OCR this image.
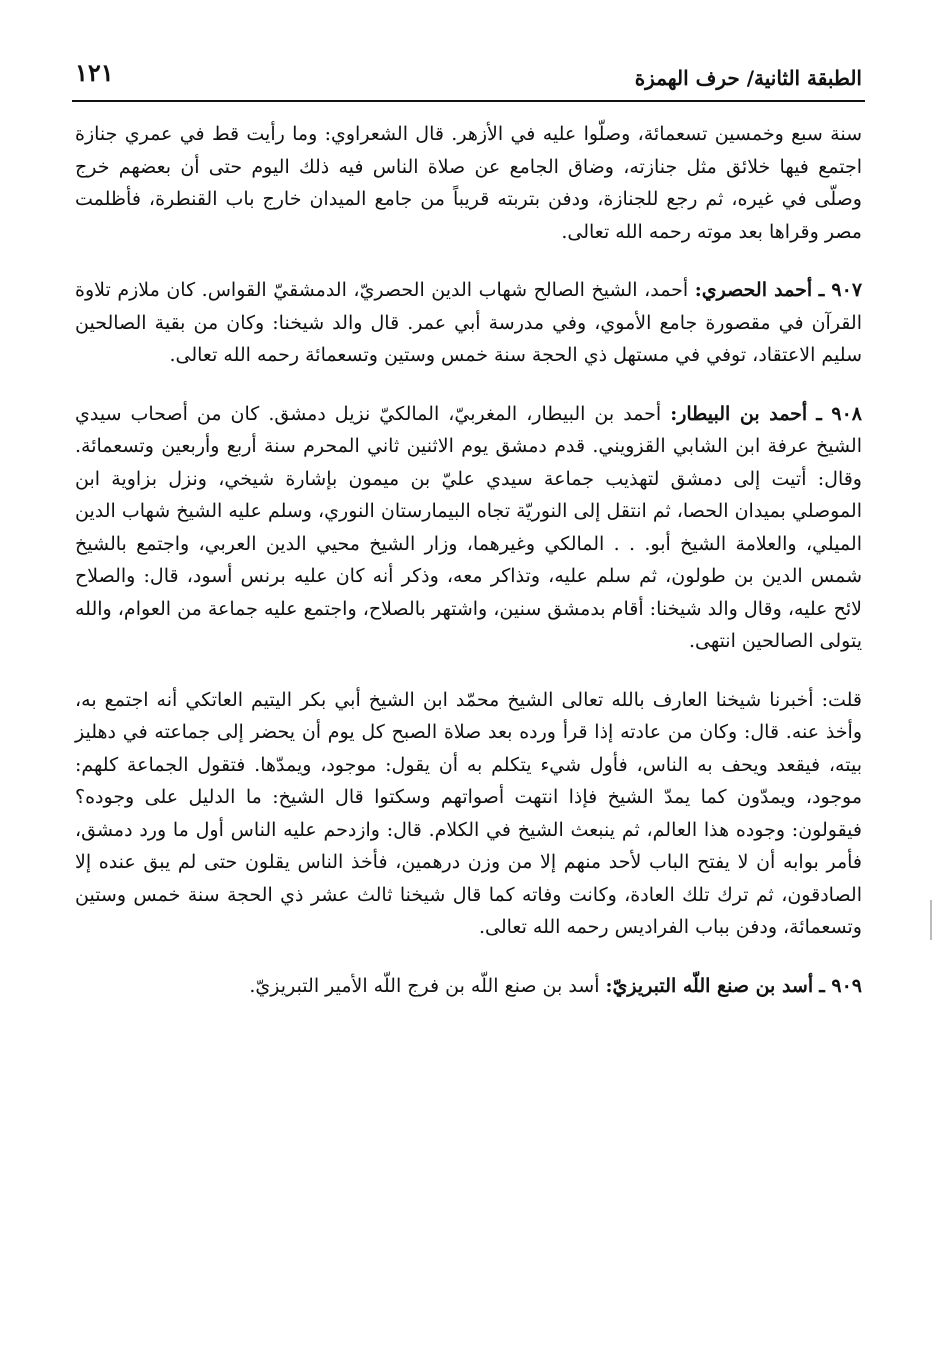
الطبقة الثانية/ حرف الهمزة
١٢١

سنة سبع وخمسين تسعمائة، وصلّوا عليه في الأزهر. قال الشعراوي: وما رأيت قط في عمري جنازة اجتمع فيها خلائق مثل جنازته، وضاق الجامع عن صلاة الناس فيه ذلك اليوم حتى أن بعضهم خرج وصلّى في غيره، ثم رجع للجنازة، ودفن بتربته قريباً من جامع الميدان خارج باب القنطرة، فأظلمت مصر وقراها بعد موته رحمه الله تعالى.

٩٠٧ ـ أحمد الحصري: أحمد، الشيخ الصالح شهاب الدين الحصريّ، الدمشقيّ القواس. كان ملازم تلاوة القرآن في مقصورة جامع الأموي، وفي مدرسة أبي عمر. قال والد شيخنا: وكان من بقية الصالحين سليم الاعتقاد، توفي في مستهل ذي الحجة سنة خمس وستين وتسعمائة رحمه الله تعالى.

٩٠٨ ـ أحمد بن البيطار: أحمد بن البيطار، المغربيّ، المالكيّ نزيل دمشق. كان من أصحاب سيدي الشيخ عرفة ابن الشابي القزويني. قدم دمشق يوم الاثنين ثاني المحرم سنة أربع وأربعين وتسعمائة. وقال: أتيت إلى دمشق لتهذيب جماعة سيدي عليّ بن ميمون بإشارة شيخي، ونزل بزاوية ابن الموصلي بميدان الحصا، ثم انتقل إلى النوريّة تجاه البيمارستان النوري، وسلم عليه الشيخ شهاب الدين الميلي، والعلامة الشيخ أبو. . . المالكي وغيرهما، وزار الشيخ محيي الدين العربي، واجتمع بالشيخ شمس الدين بن طولون، ثم سلم عليه، وتذاكر معه، وذكر أنه كان عليه برنس أسود، قال: والصلاح لائح عليه، وقال والد شيخنا: أقام بدمشق سنين، واشتهر بالصلاح، واجتمع عليه جماعة من العوام، والله يتولى الصالحين انتهى.

قلت: أخبرنا شيخنا العارف بالله تعالى الشيخ محمّد ابن الشيخ أبي بكر اليتيم العاتكي أنه اجتمع به، وأخذ عنه. قال: وكان من عادته إذا قرأ ورده بعد صلاة الصبح كل يوم أن يحضر إلى جماعته في دهليز بيته، فيقعد ويحف به الناس، فأول شيء يتكلم به أن يقول: موجود، ويمدّها. فتقول الجماعة كلهم: موجود، ويمدّون كما يمدّ الشيخ فإذا انتهت أصواتهم وسكتوا قال الشيخ: ما الدليل على وجوده؟ فيقولون: وجوده هذا العالم، ثم ينبعث الشيخ في الكلام. قال: وازدحم عليه الناس أول ما ورد دمشق، فأمر بوابه أن لا يفتح الباب لأحد منهم إلا من وزن درهمين، فأخذ الناس يقلون حتى لم يبق عنده إلا الصادقون، ثم ترك تلك العادة، وكانت وفاته كما قال شيخنا ثالث عشر ذي الحجة سنة خمس وستين وتسعمائة، ودفن بباب الفراديس رحمه الله تعالى.

٩٠٩ ـ أسد بن صنع اللّه التبريزيّ: أسد بن صنع اللّه بن فرج اللّه الأمير التبريزيّ.
